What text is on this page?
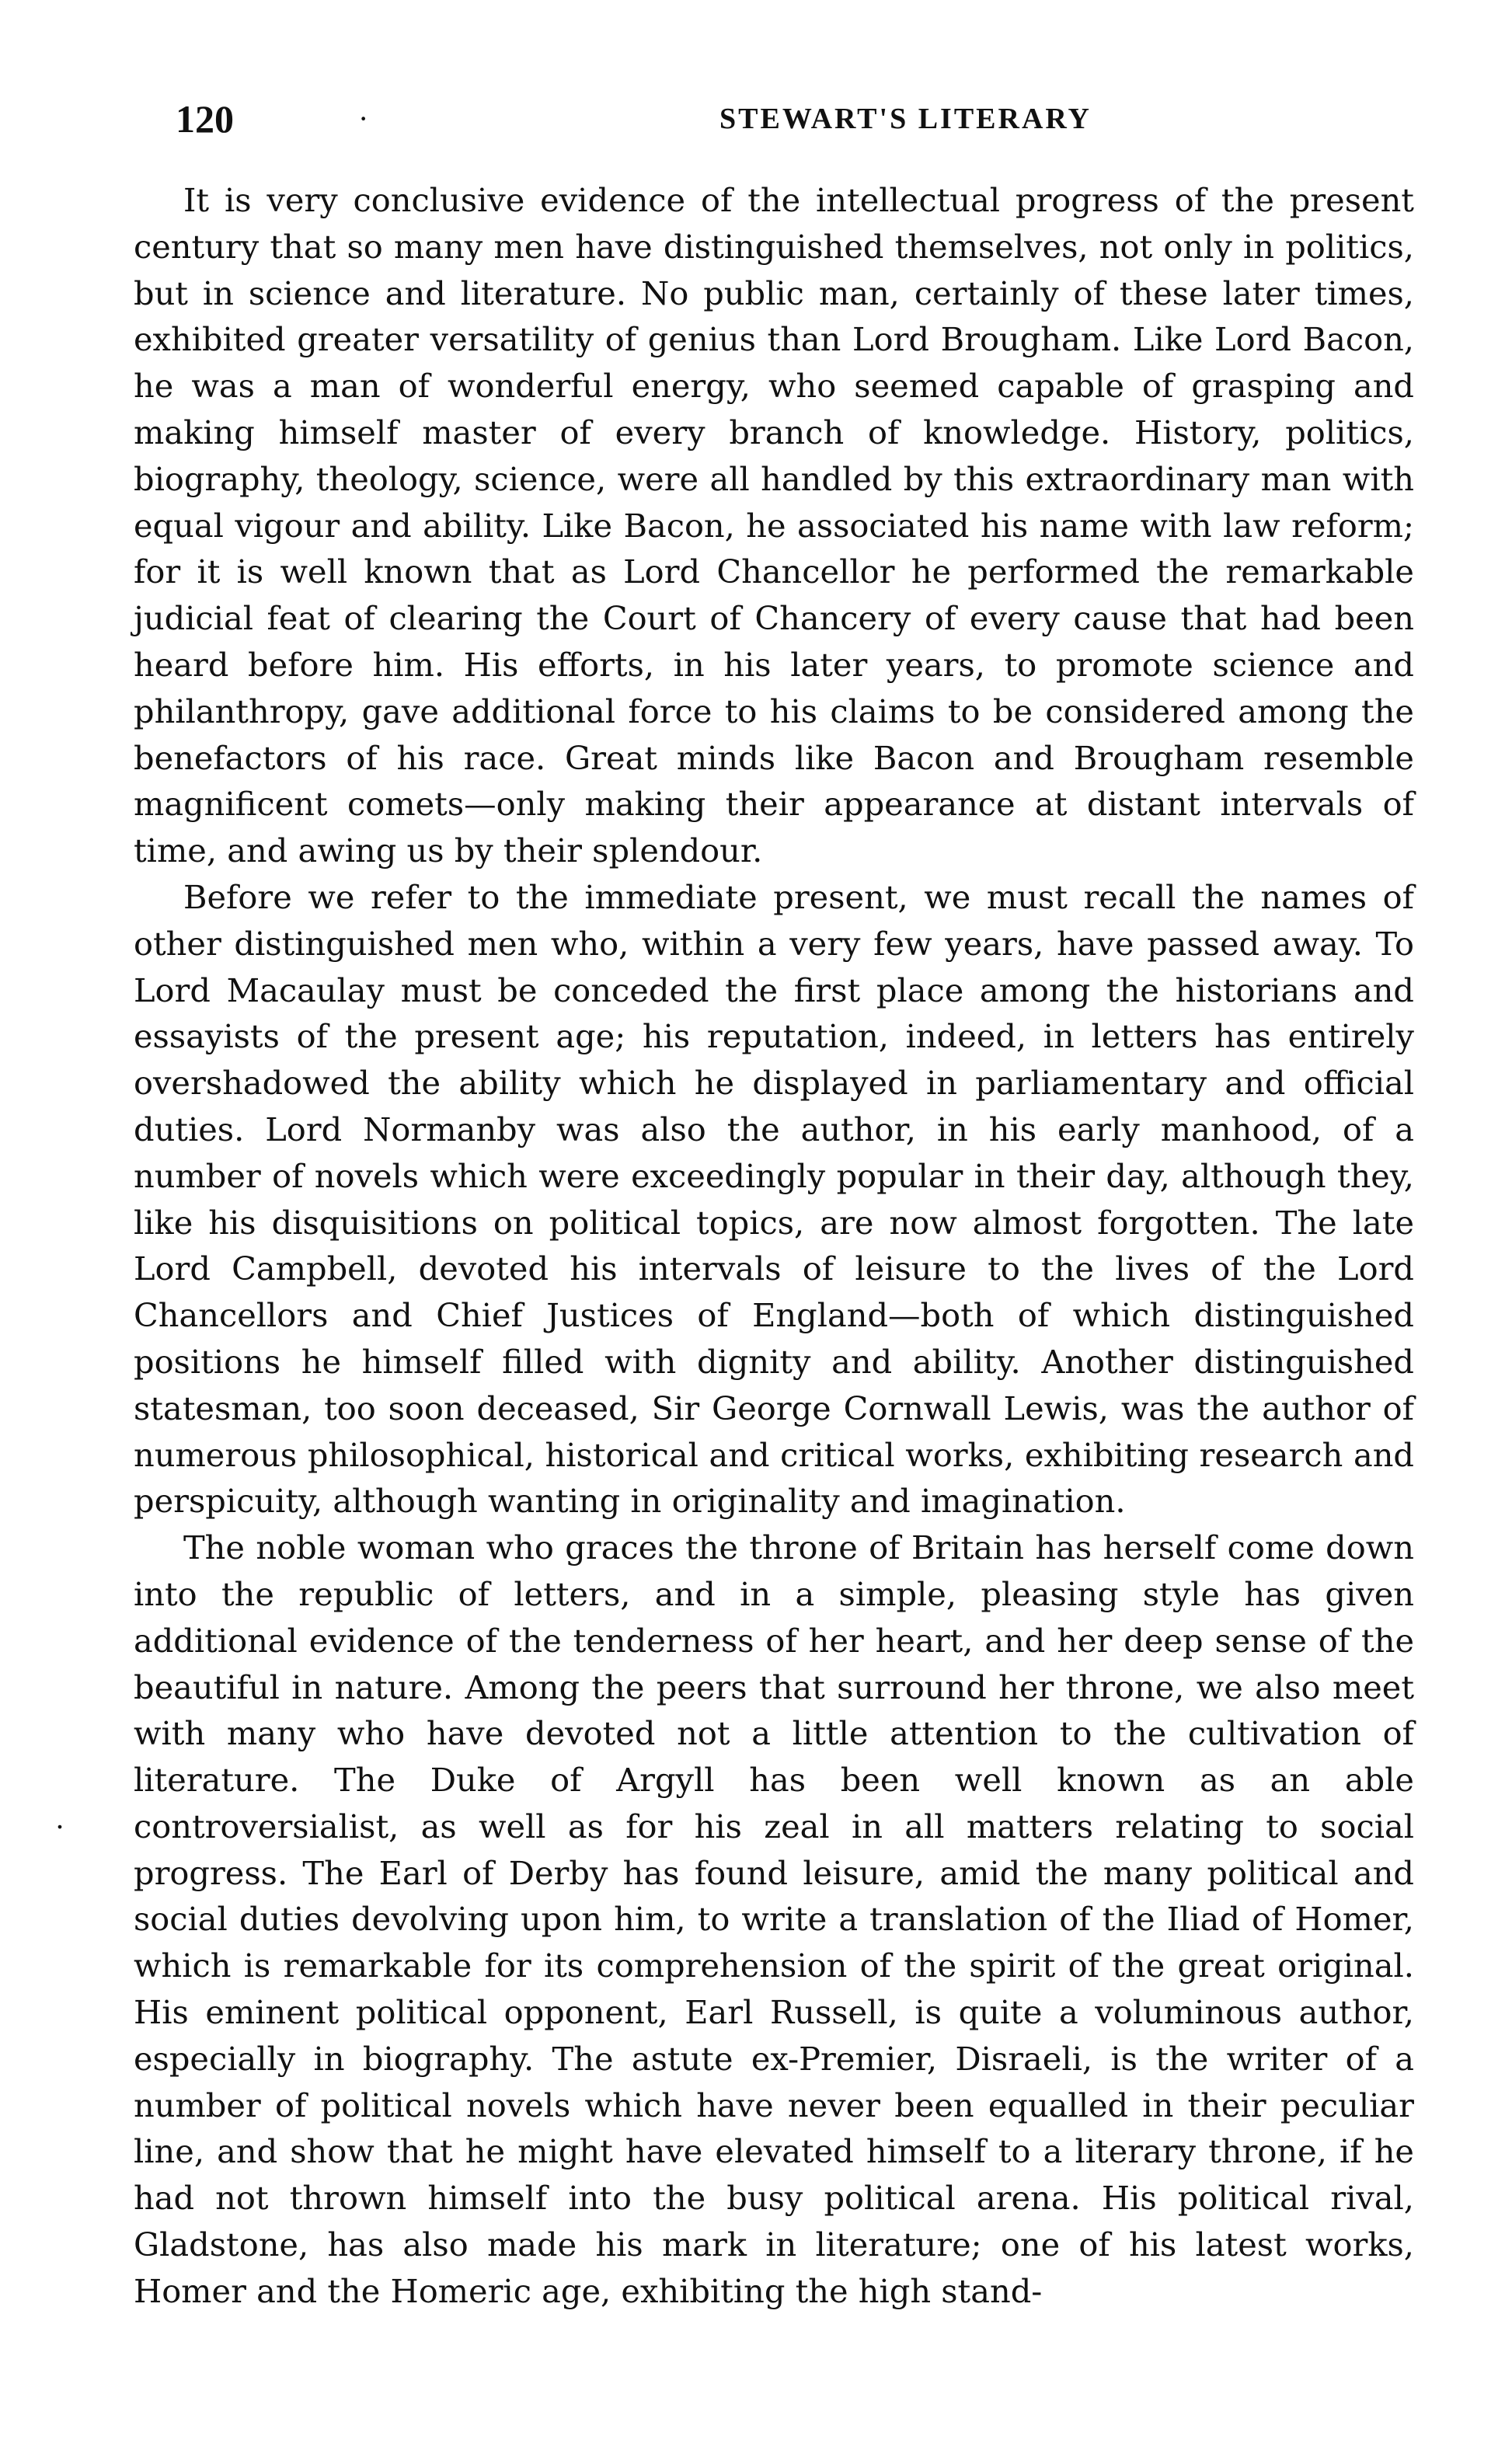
120	·	STEWART'S LITERARY

It is very conclusive evidence of the intellectual progress of the present century that so many men have distinguished themselves, not only in politics, but in science and literature. No public man, certainly of these later times, exhibited greater versatility of genius than Lord Brougham. Like Lord Bacon, he was a man of wonderful energy, who seemed capable of grasping and making himself master of every branch of knowledge. History, politics, biography, theology, science, were all handled by this extraordinary man with equal vigour and ability. Like Bacon, he associated his name with law reform; for it is well known that as Lord Chancellor he performed the remarkable judicial feat of clearing the Court of Chancery of every cause that had been heard before him. His efforts, in his later years, to promote science and philanthropy, gave additional force to his claims to be considered among the benefactors of his race. Great minds like Bacon and Brougham resemble magnificent comets—only making their appearance at distant intervals of time, and awing us by their splendour.

Before we refer to the immediate present, we must recall the names of other distinguished men who, within a very few years, have passed away. To Lord Macaulay must be conceded the first place among the historians and essayists of the present age; his reputation, indeed, in letters has entirely overshadowed the ability which he displayed in parliamentary and official duties. Lord Normanby was also the author, in his early manhood, of a number of novels which were exceedingly popular in their day, although they, like his disquisitions on political topics, are now almost forgotten. The late Lord Campbell, devoted his intervals of leisure to the lives of the Lord Chancellors and Chief Justices of England—both of which distinguished positions he himself filled with dignity and ability. Another distinguished statesman, too soon deceased, Sir George Cornwall Lewis, was the author of numerous philosophical, historical and critical works, exhibiting research and perspicuity, although wanting in originality and imagination.

The noble woman who graces the throne of Britain has herself come down into the republic of letters, and in a simple, pleasing style has given additional evidence of the tenderness of her heart, and her deep sense of the beautiful in nature. Among the peers that surround her throne, we also meet with many who have devoted not a little attention to the cultivation of literature. The Duke of Argyll has been well known as an able controversialist, as well as for his zeal in all matters relating to social progress. The Earl of Derby has found leisure, amid the many political and social duties devolving upon him, to write a translation of the Iliad of Homer, which is remarkable for its comprehension of the spirit of the great original. His eminent political opponent, Earl Russell, is quite a voluminous author, especially in biography. The astute ex-Premier, Disraeli, is the writer of a number of political novels which have never been equalled in their peculiar line, and show that he might have elevated himself to a literary throne, if he had not thrown himself into the busy political arena. His political rival, Gladstone, has also made his mark in literature; one of his latest works, Homer and the Homeric age, exhibiting the high stand-

.
